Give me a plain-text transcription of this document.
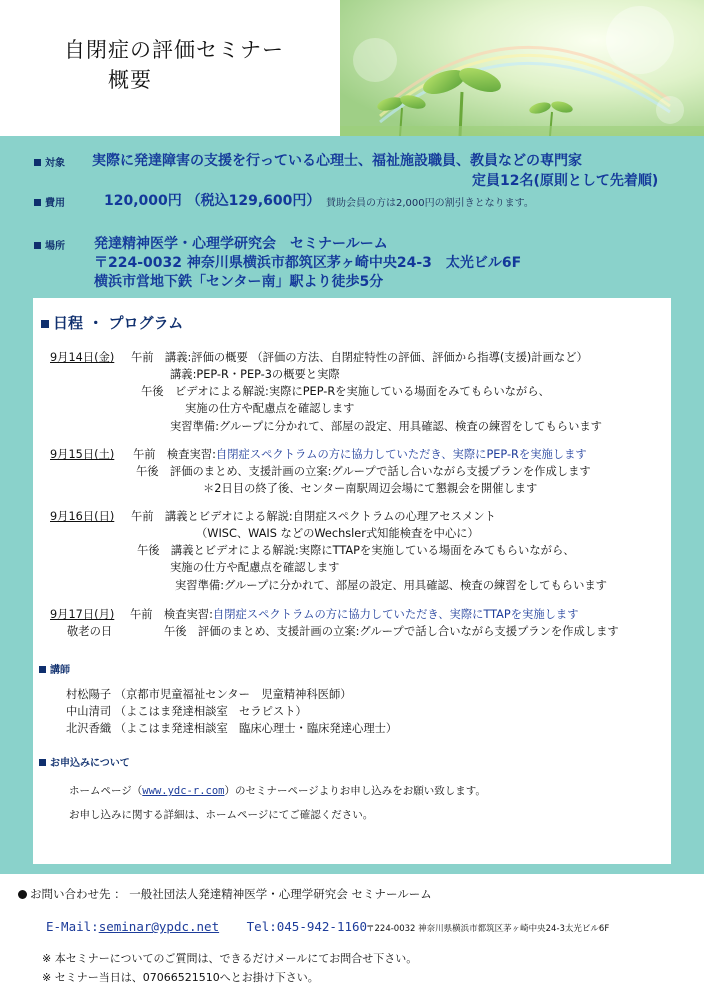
自閉症の評価セミナー
概要
対象 実際に発達障害の支援を行っている心理士、福祉施設職員、教員などの専門家
定員12名(原則として先着順)
費用	120,000円 （税込129,600円） 賛助会員の方は2,000円の割引きとなります。
場所 発達精神医学・心理学研究会　セミナールーム
〒224-0032 神奈川県横浜市都筑区茅ヶ崎中央24-3　太光ビル6F
横浜市営地下鉄「センター南」駅より徒歩5分
日程 ・ プログラム
9月14日(金) 午前　講義:評価の概要 （評価の方法、自閉症特性の評価、評価から指導(支援)計画など）
講義:PEP-R・PEP-3の概要と実際
午後　ビデオによる解説:実際にPEP-Rを実施している場面をみてもらいながら、
実施の仕方や配慮点を確認します
実習準備:グループに分かれて、部屋の設定、用具確認、検査の練習をしてもらいます
9月15日(土) 午前　検査実習:自閉症スペクトラムの方に協力していただき、実際にPEP-Rを実施します
午後　評価のまとめ、支援計画の立案:グループで話し合いながら支援プランを作成します
＊2日目の終了後、センター南駅周辺会場にて懇親会を開催します
9月16日(日) 午前　講義とビデオによる解説:自閉症スペクトラムの心理アセスメント
（WISC、WAIS などのWechsler式知能検査を中心に）
午後　講義とビデオによる解説:実際にTTAPを実施している場面をみてもらいながら、
実施の仕方や配慮点を確認します
実習準備:グループに分かれて、部屋の設定、用具確認、検査の練習をしてもらいます
9月17日(月)
敬老の日
午前　検査実習:自閉症スペクトラムの方に協力していただき、実際にTTAPを実施します
午後　評価のまとめ、支援計画の立案:グループで話し合いながら支援プランを作成します
講師
村松陽子 （京都市児童福祉センター　児童精神科医師）
中山清司 （よこはま発達相談室　セラピスト）
北沢香織 （よこはま発達相談室　臨床心理士・臨床発達心理士）
お申込みについて
ホームページ（www.ydc-r.com）のセミナーページよりお申し込みをお願い致します。
お申し込みに関する詳細は、ホームページにてご確認ください。
お問い合わせ先 ： 一般社団法人発達精神医学・心理学研究会 セミナールーム
E-Mail:seminar@ypdc.net Tel:045-942-1160
〒224-0032 神奈川県横浜市都筑区茅ヶ崎中央24-3太光ビル6F
※ 本セミナーについてのご質問は、できるだけメールにてお問合せ下さい。
※ セミナー当日は、07066521510へとお掛け下さい。
